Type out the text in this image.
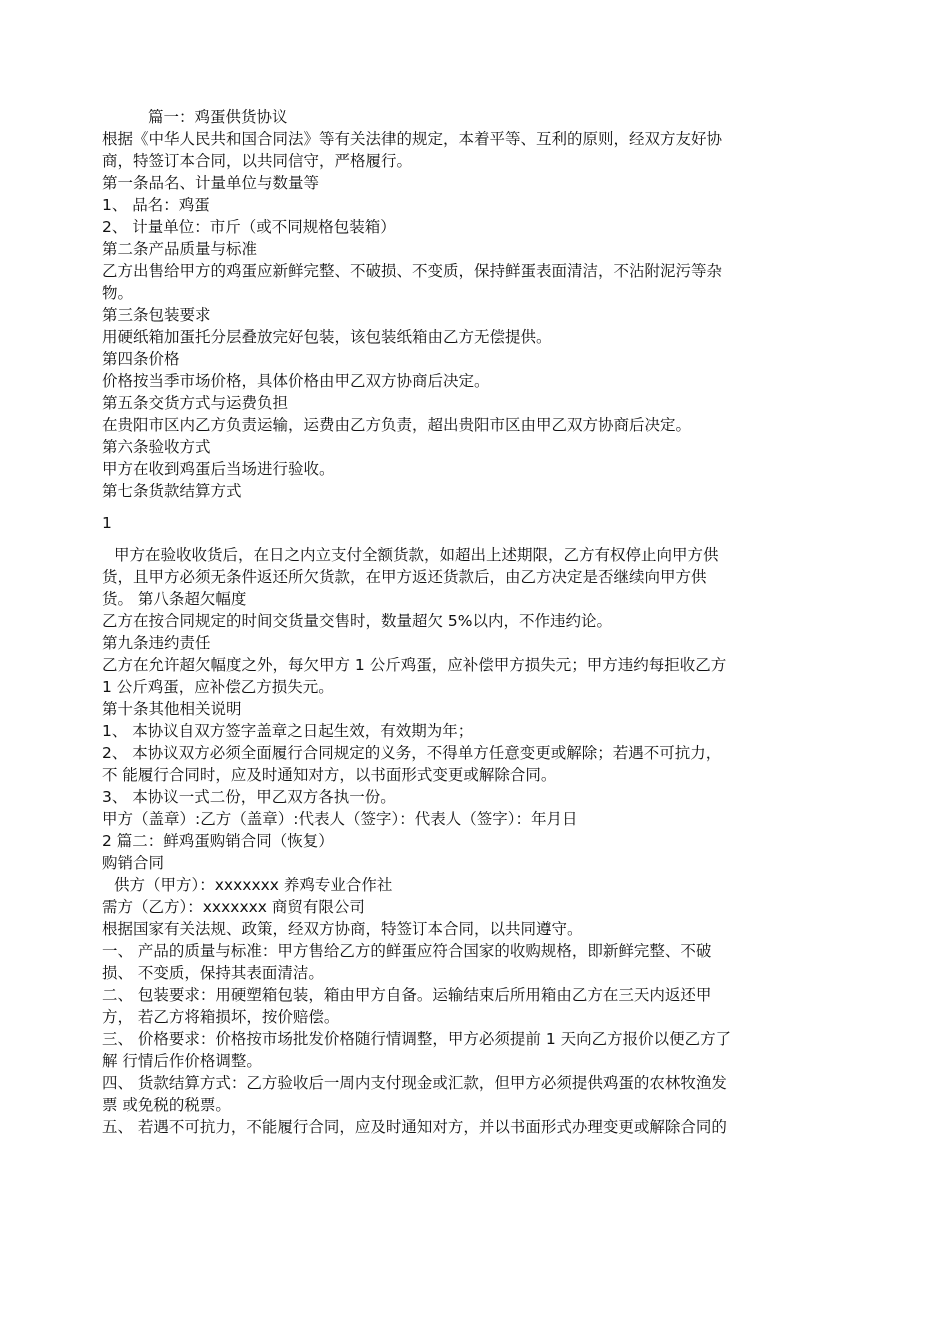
篇一：鸡蛋供货协议
根据《中华人民共和国合同法》等有关法律的规定，本着平等、互利的原则，经双方友好协
商，特签订本合同，以共同信守，严格履行。
第一条品名、计量单位与数量等
1、 品名：鸡蛋
2、 计量单位：市斤（或不同规格包装箱）
第二条产品质量与标准
乙方出售给甲方的鸡蛋应新鲜完整、不破损、不变质，保持鲜蛋表面清洁，不沾附泥污等杂
物。
第三条包装要求
用硬纸箱加蛋托分层叠放完好包装，该包装纸箱由乙方无偿提供。
第四条价格
价格按当季市场价格，具体价格由甲乙双方协商后决定。
第五条交货方式与运费负担
在贵阳市区内乙方负责运输，运费由乙方负责，超出贵阳市区由甲乙双方协商后决定。
第六条验收方式
甲方在收到鸡蛋后当场进行验收。
第七条货款结算方式
1
甲方在验收收货后，在日之内立支付全额货款，如超出上述期限，乙方有权停止向甲方供
货，且甲方必须无条件返还所欠货款，在甲方返还货款后，由乙方决定是否继续向甲方供
货。 第八条超欠幅度
乙方在按合同规定的时间交货量交售时，数量超欠 5%以内，不作违约论。
第九条违约责任
乙方在允许超欠幅度之外，每欠甲方 1 公斤鸡蛋，应补偿甲方损失元；甲方违约每拒收乙方
1 公斤鸡蛋，应补偿乙方损失元。
第十条其他相关说明
1、 本协议自双方签字盖章之日起生效，有效期为年；
2、 本协议双方必须全面履行合同规定的义务，不得单方任意变更或解除；若遇不可抗力，
不 能履行合同时，应及时通知对方，以书面形式变更或解除合同。
3、 本协议一式二份，甲乙双方各执一份。
甲方（盖章）:乙方（盖章）:代表人（签字）：代表人（签字）：年月日
2 篇二：鲜鸡蛋购销合同（恢复）
购销合同
供方（甲方）：xxxxxxx 养鸡专业合作社
需方（乙方）：xxxxxxx 商贸有限公司
根据国家有关法规、政策，经双方协商，特签订本合同，以共同遵守。
一、 产品的质量与标准：甲方售给乙方的鲜蛋应符合国家的收购规格，即新鲜完整、不破
损、 不变质，保持其表面清洁。
二、 包装要求：用硬塑箱包装，箱由甲方自备。运输结束后所用箱由乙方在三天内返还甲
方， 若乙方将箱损坏，按价赔偿。
三、 价格要求：价格按市场批发价格随行情调整，甲方必须提前 1 天向乙方报价以便乙方了
解 行情后作价格调整。
四、 货款结算方式：乙方验收后一周内支付现金或汇款，但甲方必须提供鸡蛋的农林牧渔发
票 或免税的税票。
五、 若遇不可抗力，不能履行合同，应及时通知对方，并以书面形式办理变更或解除合同的
